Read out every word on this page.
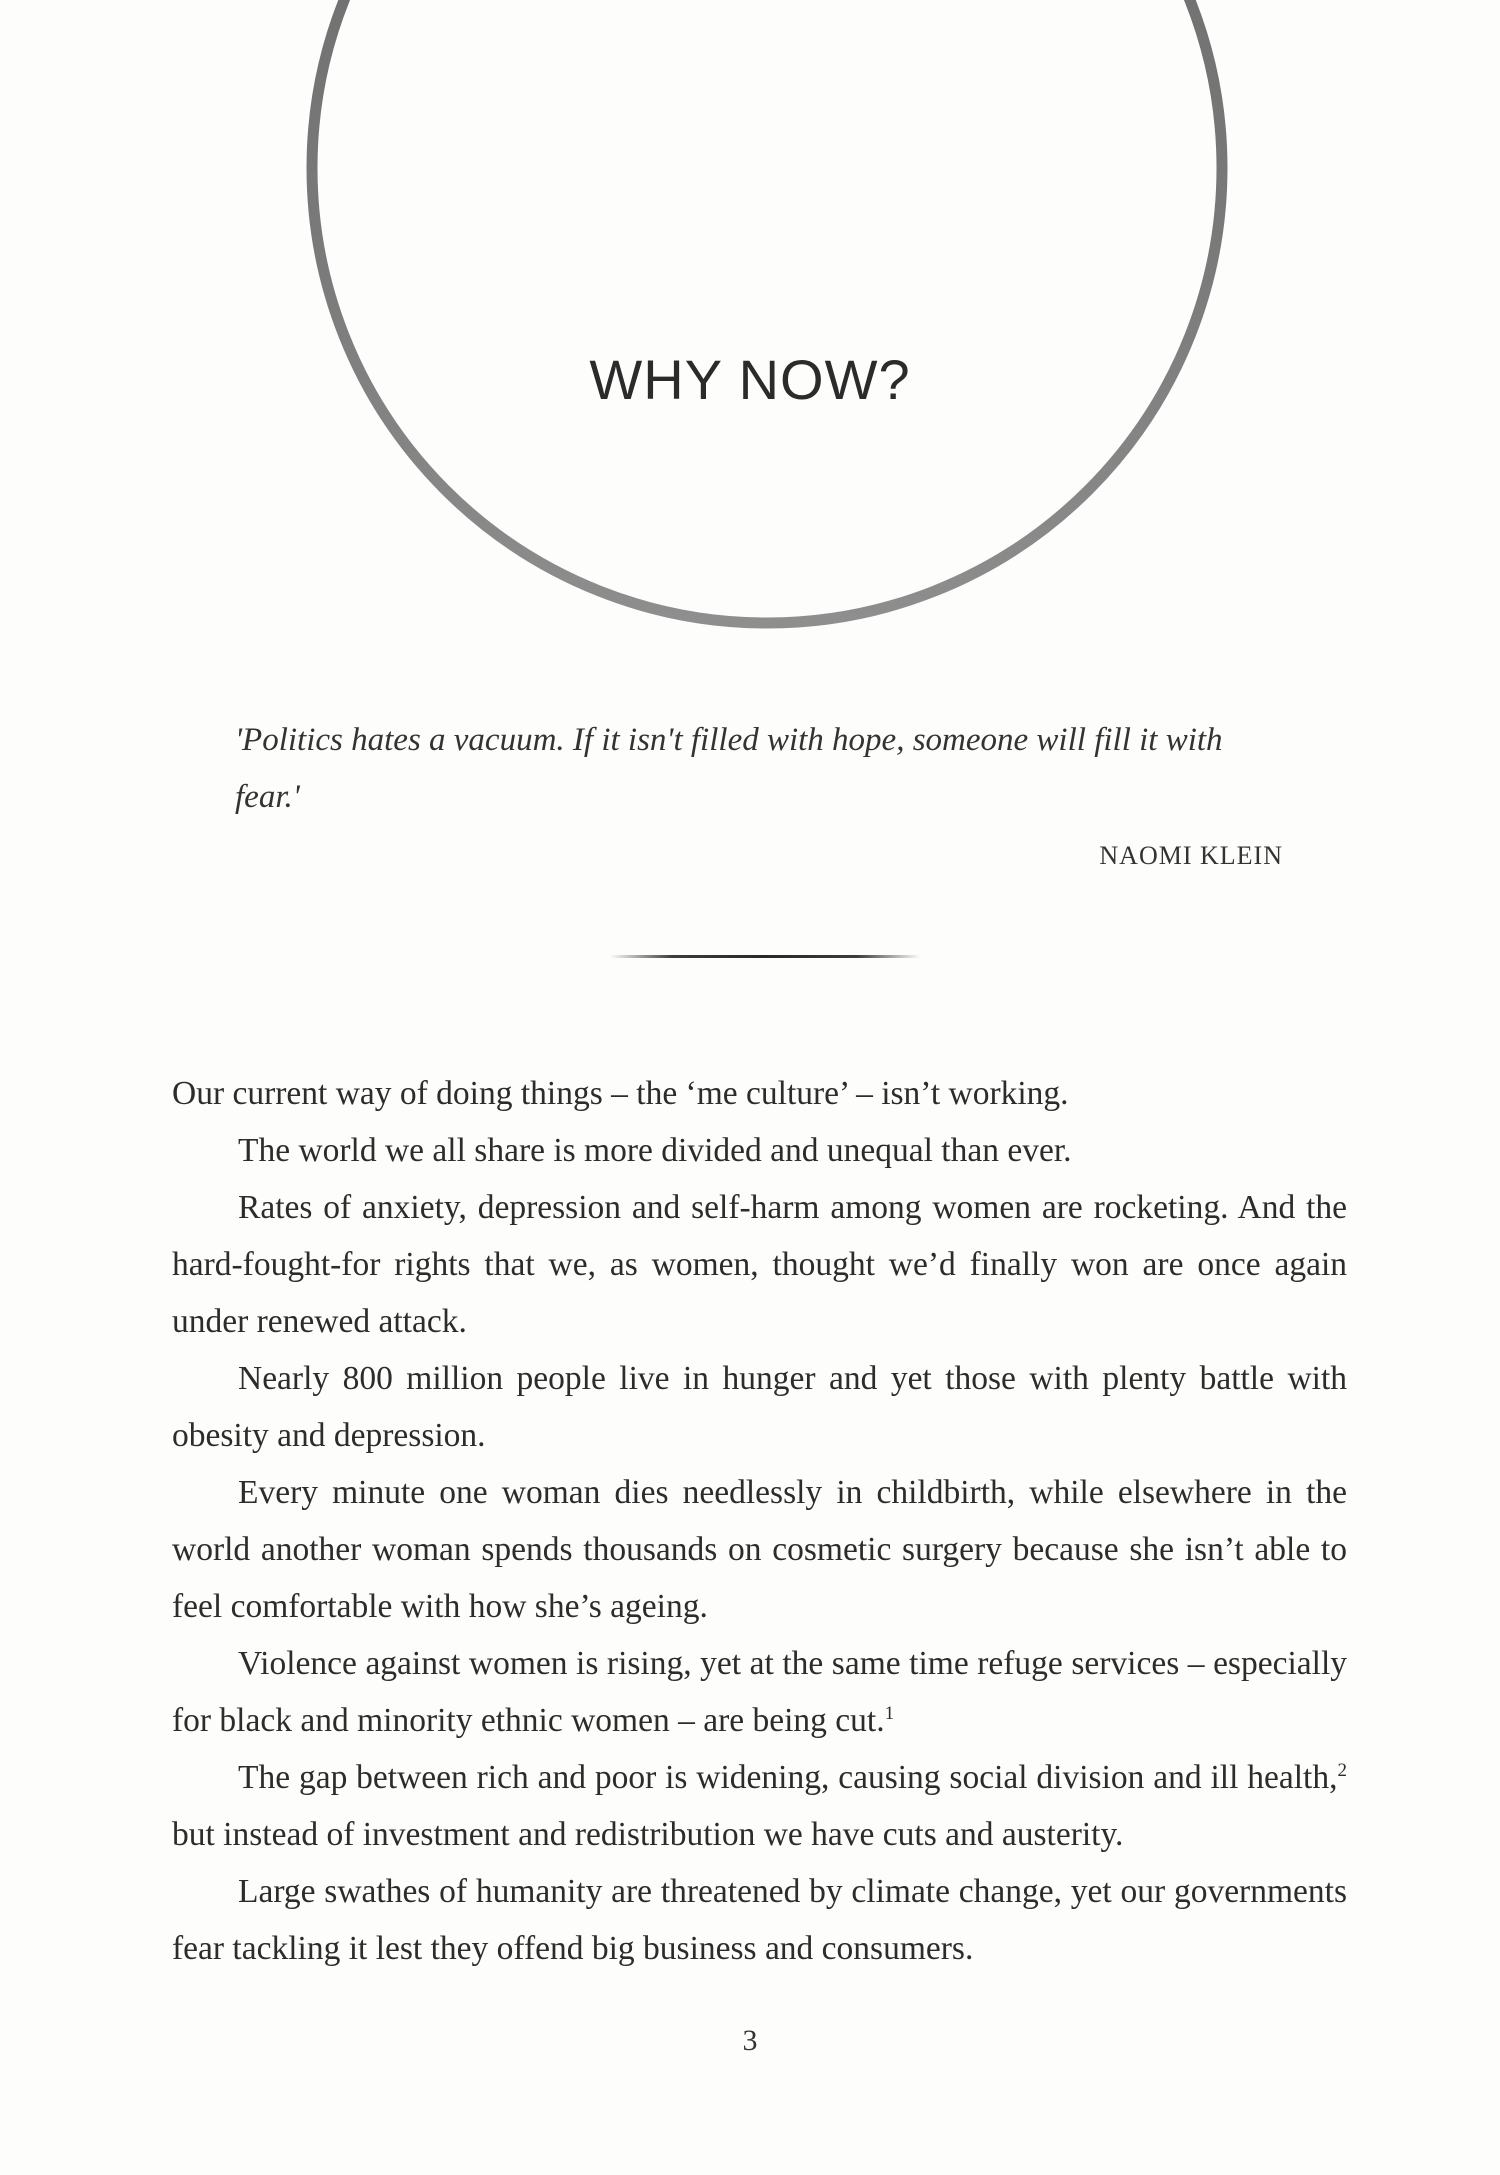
WHY NOW?

'Politics hates a vacuum. If it isn't filled with hope, someone will fill it with fear.'

NAOMI KLEIN

Our current way of doing things – the ‘me culture’ – isn’t working.

The world we all share is more divided and unequal than ever.

Rates of anxiety, depression and self-harm among women are rocketing. And the hard-fought-for rights that we, as women, thought we’d finally won are once again under renewed attack.

Nearly 800 million people live in hunger and yet those with plenty battle with obesity and depression.

Every minute one woman dies needlessly in childbirth, while elsewhere in the world another woman spends thousands on cosmetic surgery because she isn’t able to feel comfortable with how she’s ageing.

Violence against women is rising, yet at the same time refuge services – especially for black and minority ethnic women – are being cut.$^1$

The gap between rich and poor is widening, causing social division and ill health,$^2$ but instead of investment and redistribution we have cuts and austerity.

Large swathes of humanity are threatened by climate change, yet our governments fear tackling it lest they offend big business and consumers.

3
